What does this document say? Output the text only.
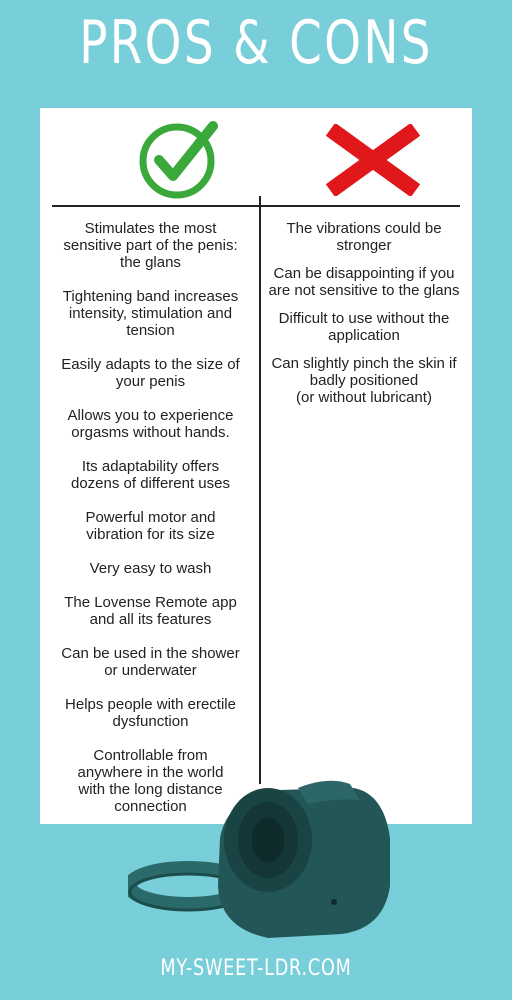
PROS & CONS
Stimulates the most
sensitive part of the penis:
the glans
Tightening band increases
intensity, stimulation and
tension
Easily adapts to the size of
your penis
Allows you to experience
orgasms without hands.
Its adaptability offers
dozens of different uses
Powerful motor and
vibration for its size
Very easy to wash
The Lovense Remote app
and all its features
Can be used in the shower
or underwater
Helps people with erectile
dysfunction
Controllable from
anywhere in the world
with the long distance
connection
The vibrations could be
stronger
Can be disappointing if you
are not sensitive to the glans
Difficult to use without the
application
Can slightly pinch the skin if
badly positioned
(or without lubricant)
MY-SWEET-LDR.COM
